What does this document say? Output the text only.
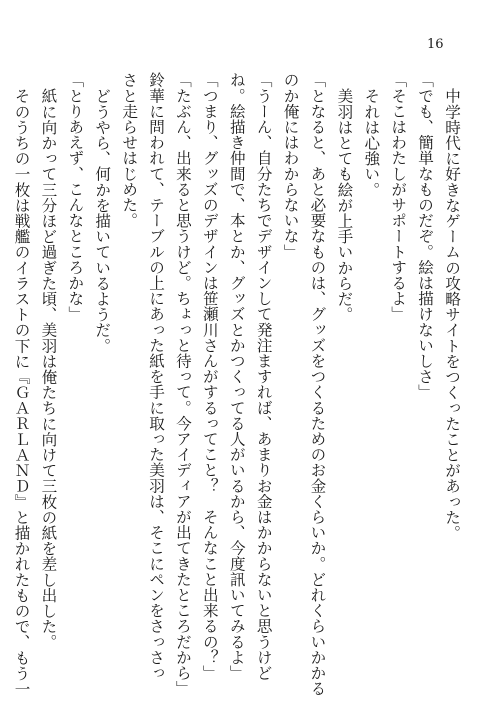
16
中学時代に好きなゲームの攻略サイトをつくったことがあった。
「でも、簡単なものだぞ。絵は描けないしさ」
「そこはわたしがサポートするよ」
それは心強い。
美羽はとても絵が上手いからだ。
「となると、あと必要なものは、グッズをつくるためのお金くらいか。どれくらいかかる
のか俺にはわからないな」
「うーん、自分たちでデザインして発注ますれば、あまりお金はかからないと思うけど
ね。絵描き仲間で、本とか、グッズとかつくってる人がいるから、今度訊いてみるよ」
「つまり、グッズのデザインは笹瀬川さんがするってこと？　そんなこと出来るの？」
「たぶん、出来ると思うけど。ちょっと待って。今アイディアが出てきたところだから」
鈴華に問われて、テーブルの上にあった紙を手に取った美羽は、そこにペンをさっさっ
さと走らせはじめた。
どうやら、何かを描いているようだ。
「とりあえず、こんなところかな」
紙に向かって三分ほど過ぎた頃、美羽は俺たちに向けて三枚の紙を差し出した。
そのうちの一枚は戦艦のイラストの下に『ＧＡＲＬＡＮＤ』と描かれたもので、もう一
